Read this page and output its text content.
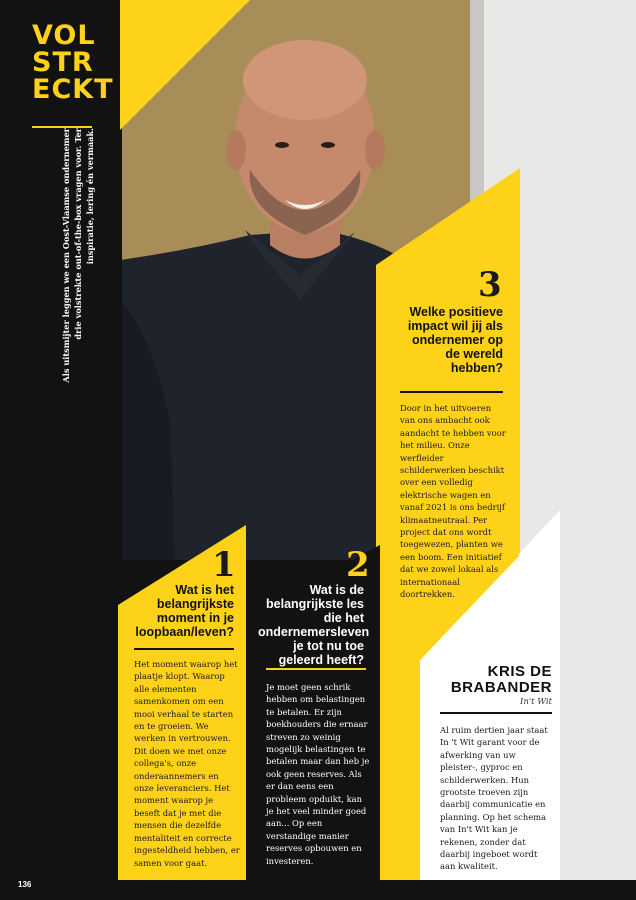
VOL
STR
ECKT
Als uitsmijter leggen we een Oost-Vlaamse ondernemer drie volstrekte out-of-the-box vragen voor. Ter inspiratie, lering én vermaak.
3
Welke positieve impact wil jij als ondernemer op de wereld hebben?
Door in het uitvoeren van ons ambacht ook aandacht te hebben voor het milieu. Onze werfleider schilderwerken beschikt over een volledig elektrische wagen en vanaf 2021 is ons bedrijf klimaatneutraal. Per project dat ons wordt toegewezen, planten we een boom. Een initiatief dat we zowel lokaal als internationaal doortrekken.
1
Wat is het belangrijkste moment in je loopbaan/leven?
Het moment waarop het plaatje klopt. Waarop alle elementen samenkomen om een mooi verhaal te starten en te groeien. We werken in vertrouwen. Dit doen we met onze collega's, onze onderaannemers en onze leveranciers. Het moment waarop je beseft dat je met die mensen die dezelfde mentaliteit en correcte ingesteldheid hebben, er samen voor gaat.
2
Wat is de belangrijkste les die het ondernemersleven je tot nu toe geleerd heeft?
Je moet geen schrik hebben om belastingen te betalen. Er zijn boekhouders die ernaar streven zo weinig mogelijk belastingen te betalen maar dan heb je ook geen reserves. Als er dan eens een probleem opduikt, kan je het veel minder goed aan... Op een verstandige manier reserves opbouwen en investeren.
KRIS DE BRABANDER
In't Wit
Al ruim dertien jaar staat In 't Wit garant voor de afwerking van uw pleister-, gyproc en schilderwerken. Hun grootste troeven zijn daarbij communicatie en planning. Op het schema van In't Wit kan je rekenen, zonder dat daarbij ingeboet wordt aan kwaliteit.
136
